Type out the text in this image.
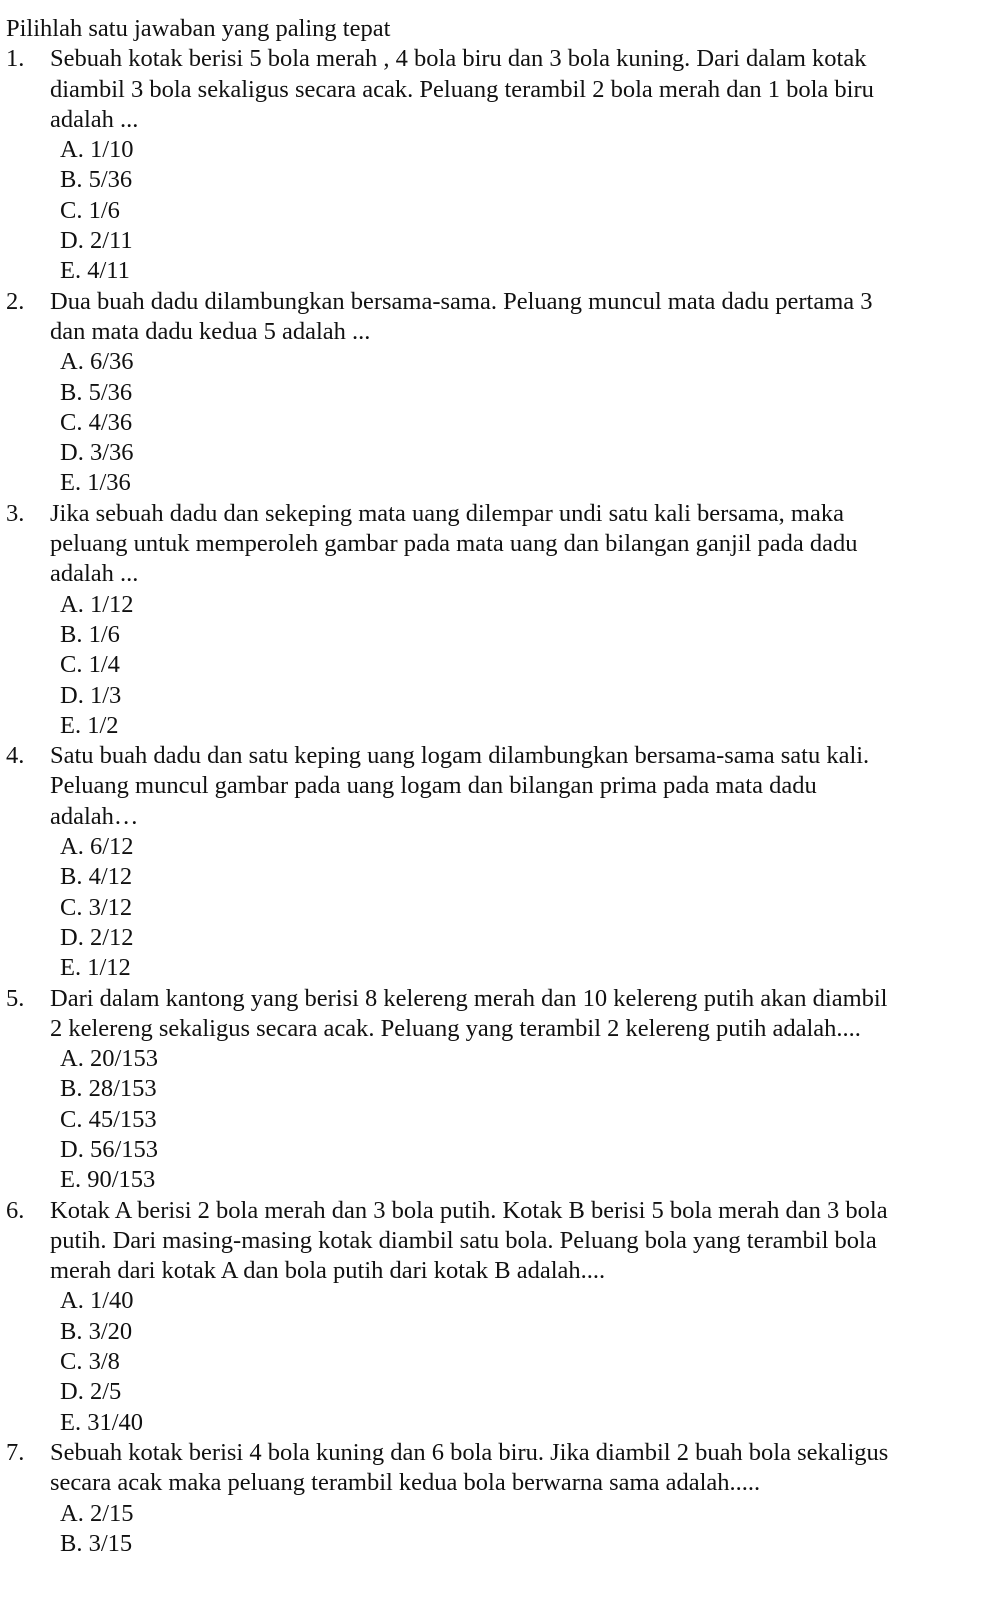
Pilihlah satu jawaban yang paling tepat
1. Sebuah kotak berisi 5 bola merah , 4 bola biru dan 3 bola kuning. Dari dalam kotak
diambil 3 bola sekaligus secara acak. Peluang terambil 2 bola merah dan 1 bola biru
adalah ...
A. 1/10
B. 5/36
C. 1/6
D. 2/11
E. 4/11
2. Dua buah dadu dilambungkan bersama-sama. Peluang muncul mata dadu pertama 3
dan mata dadu kedua 5 adalah ...
A. 6/36
B. 5/36
C. 4/36
D. 3/36
E. 1/36
3. Jika sebuah dadu dan sekeping mata uang dilempar undi satu kali bersama, maka
peluang untuk memperoleh gambar pada mata uang dan bilangan ganjil pada dadu
adalah ...
A. 1/12
B. 1/6
C. 1/4
D. 1/3
E. 1/2
4. Satu buah dadu dan satu keping uang logam dilambungkan bersama-sama satu kali.
Peluang muncul gambar pada uang logam dan bilangan prima pada mata dadu
adalah…
A. 6/12
B. 4/12
C. 3/12
D. 2/12
E. 1/12
5. Dari dalam kantong yang berisi 8 kelereng merah dan 10 kelereng putih akan diambil
2 kelereng sekaligus secara acak. Peluang yang terambil 2 kelereng putih adalah....
A. 20/153
B. 28/153
C. 45/153
D. 56/153
E. 90/153
6. Kotak A berisi 2 bola merah dan 3 bola putih. Kotak B berisi 5 bola merah dan 3 bola
putih. Dari masing-masing kotak diambil satu bola. Peluang bola yang terambil bola
merah dari kotak A dan bola putih dari kotak B adalah....
A. 1/40
B. 3/20
C. 3/8
D. 2/5
E. 31/40
7. Sebuah kotak berisi 4 bola kuning dan 6 bola biru. Jika diambil 2 buah bola sekaligus
secara acak maka peluang terambil kedua bola berwarna sama adalah.....
A. 2/15
B. 3/15
